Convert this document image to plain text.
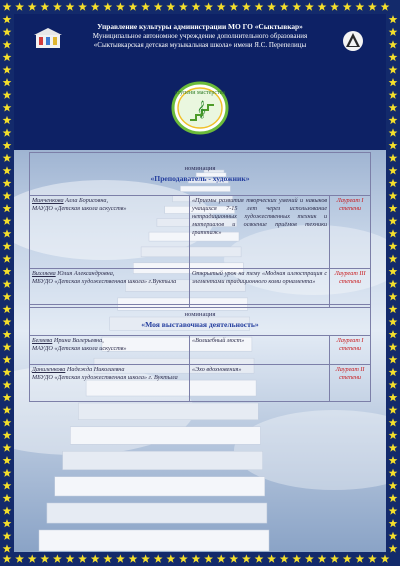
Управление культуры администрации МО ГО «Сыктывкар»
Муниципальное автономное учреждение дополнительного образования
«Сыктывкарская детская музыкальная школа» имени Я.С. Перепелицы
𝄞
ступени мастерства
номинация
«Преподаватель - художник»		

Минченкова Алла Борисовна,
МАУДО «Детская школа искусств»	«Приемы развития творческих умений и навыков учащихся 7-15 лет через использование нетрадиционных художественных техник и материалов и освоение приёмов техники граттаж»	Лауреат I степени
Вихляева Юлия Александровна,
МБУДО «Детская художественная школа» г.Вуктыла	Открытый урок на тему «Модная иллюстрация с элементами традиционного коми орнамента»	Лауреат III степени
номинация
«Моя выставочная деятельность»		

Беляева Ирина Валерьевна,
МАУДО «Детская школа искусств»	«Волшебный мост»	Лауреат I степени
Даниленкова Надежда Николаевна
МБУДО «Детская художественная школа» г. Вуктыла	«Эхо вдохновения»	Лауреат II степени
